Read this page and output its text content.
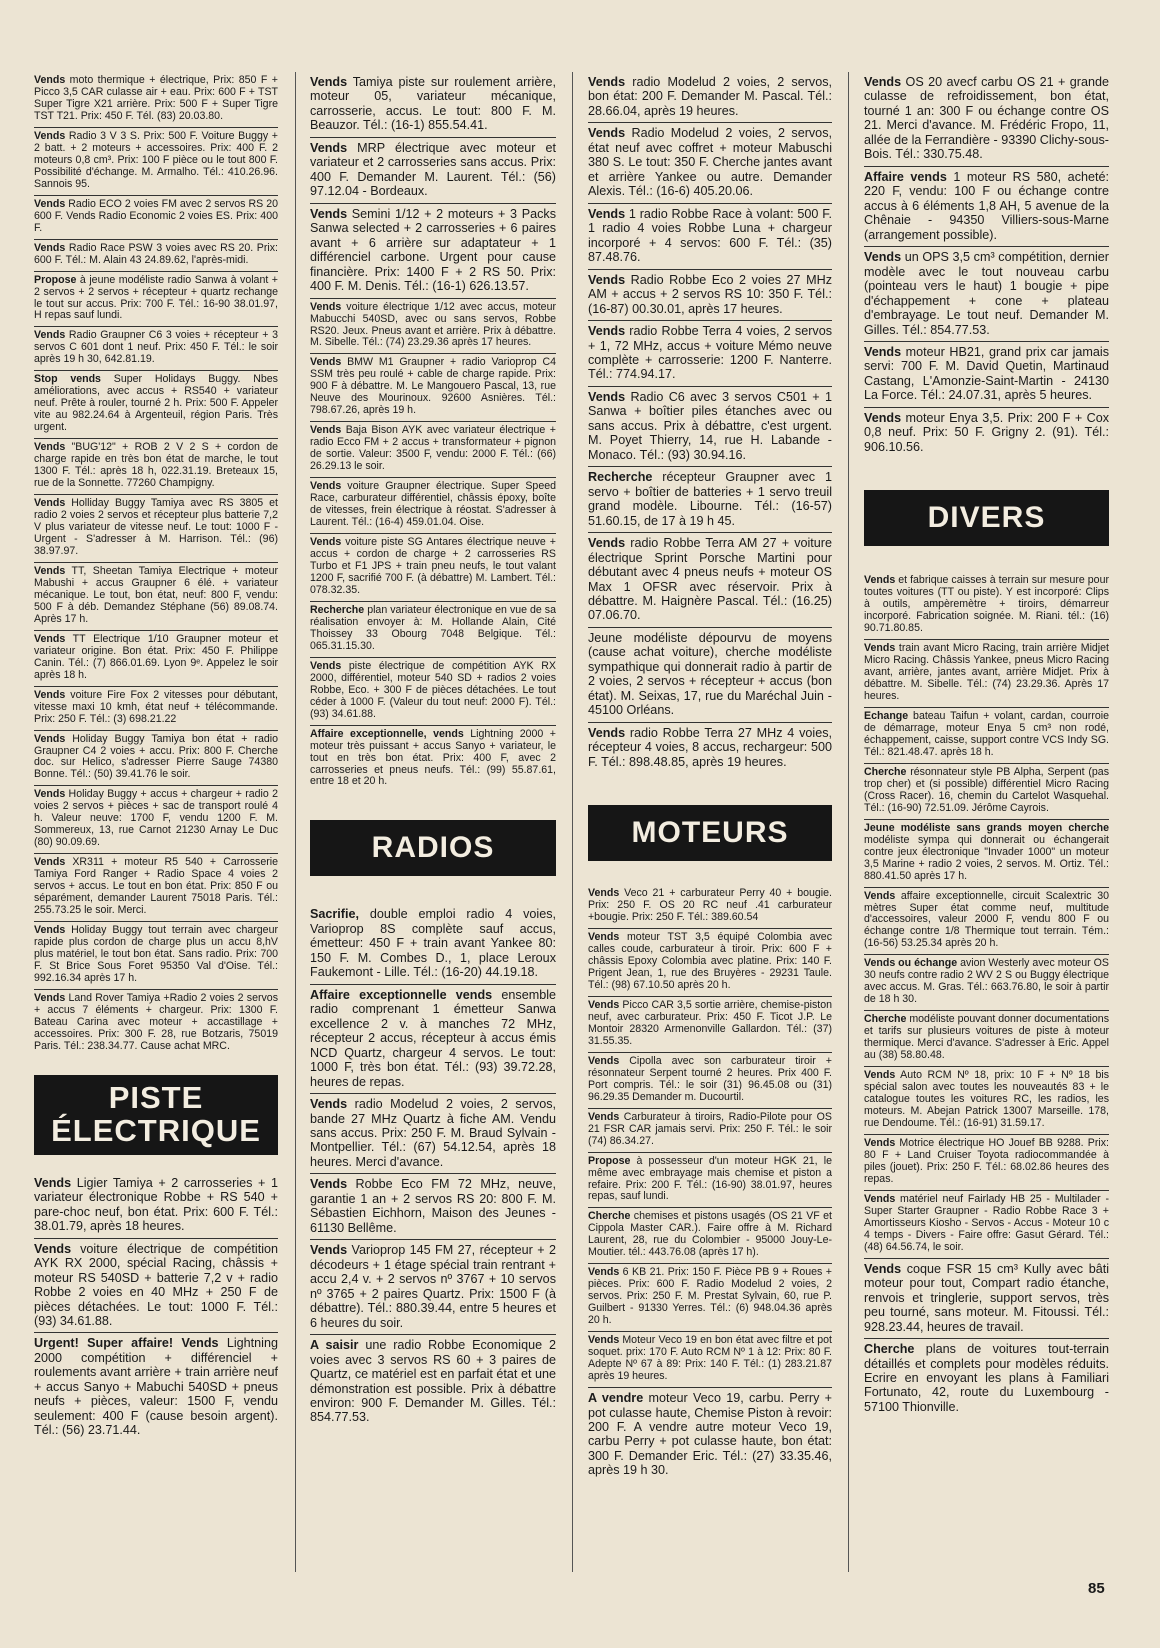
Vends moto thermique + électrique, Prix: 850 F + Picco 3,5 CAR culasse air + eau. Prix: 600 F + TST Super Tigre X21 arrière. Prix: 500 F + Super Tigre TST T21. Prix: 450 F. Tél. (83) 20.03.80.
Vends Radio 3 V 3 S. Prix: 500 F. Voiture Buggy + 2 batt. + 2 moteurs + accessoires. Prix: 400 F. 2 moteurs 0,8 cm³. Prix: 100 F pièce ou le tout 800 F. Possibilité d'échange. M. Armalho. Tél.: 410.26.96. Sannois 95.
Vends Radio ECO 2 voies FM avec 2 servos RS 20 600 F. Vends Radio Economic 2 voies ES. Prix: 400 F.
Vends Radio Race PSW 3 voies avec RS 20. Prix: 600 F. Tél.: M. Alain 43 24.89.62, l'après-midi.
Propose à jeune modéliste radio Sanwa à volant + 2 servos + 2 servos + récepteur + quartz rechange le tout sur accus. Prix: 700 F. Tél.: 16-90 38.01.97, H repas sauf lundi.
Vends Radio Graupner C6 3 voies + récepteur + 3 servos C 601 dont 1 neuf. Prix: 450 F. Tél.: le soir après 19 h 30, 642.81.19.
Stop vends Super Holidays Buggy. Nbes améliorations, avec accus + RS540 + variateur neuf. Prête à rouler, tourné 2 h. Prix: 500 F. Appeler vite au 982.24.64 à Argenteuil, région Paris. Très urgent.
Vends "BUG'12" + ROB 2 V 2 S + cordon de charge rapide en très bon état de marche, le tout 1300 F. Tél.: après 18 h, 022.31.19. Breteaux 15, rue de la Sonnette. 77260 Champigny.
Vends Holliday Buggy Tamiya avec RS 3805 et radio 2 voies 2 servos et récepteur plus batterie 7,2 V plus variateur de vitesse neuf. Le tout: 1000 F - Urgent - S'adresser à M. Harrison. Tél.: (96) 38.97.97.
Vends TT, Sheetan Tamiya Electrique + moteur Mabushi + accus Graupner 6 élé. + variateur mécanique. Le tout, bon état, neuf: 800 F, vendu: 500 F à déb. Demandez Stéphane (56) 89.08.74. Après 17 h.
Vends TT Electrique 1/10 Graupner moteur et variateur origine. Bon état. Prix: 450 F. Philippe Canin. Tél.: (7) 866.01.69. Lyon 9ᵉ. Appelez le soir après 18 h.
Vends voiture Fire Fox 2 vitesses pour débutant, vitesse maxi 10 kmh, état neuf + télécommande. Prix: 250 F. Tél.: (3) 698.21.22
Vends Holiday Buggy Tamiya bon état + radio Graupner C4 2 voies + accu. Prix: 800 F. Cherche doc. sur Helico, s'adresser Pierre Sauge 74380 Bonne. Tél.: (50) 39.41.76 le soir.
Vends Holiday Buggy + accus + chargeur + radio 2 voies 2 servos + pièces + sac de transport roulé 4 h. Valeur neuve: 1700 F, vendu 1200 F. M. Sommereux, 13, rue Carnot 21230 Arnay Le Duc (80) 90.09.69.
Vends XR311 + moteur R5 540 + Carrosserie Tamiya Ford Ranger + Radio Space 4 voies 2 servos + accus. Le tout en bon état. Prix: 850 F ou séparément, demander Laurent 75018 Paris. Tél.: 255.73.25 le soir. Merci.
Vends Holiday Buggy tout terrain avec chargeur rapide plus cordon de charge plus un accu 8,hV plus matériel, le tout bon état. Sans radio. Prix: 700 F. St Brice Sous Foret 95350 Val d'Oise. Tél.: 992.16.34 après 17 h.
Vends Land Rover Tamiya +Radio 2 voies 2 servos + accus 7 éléments + chargeur. Prix: 1300 F. Bateau Carina avec moteur + accastillage + accessoires. Prix: 300 F. 28, rue Botzaris, 75019 Paris. Tél.: 238.34.77. Cause achat MRC.
PISTE
ÉLECTRIQUE
Vends Ligier Tamiya + 2 carrosseries + 1 variateur électronique Robbe + RS 540 + pare-choc neuf, bon état. Prix: 600 F. Tél.: 38.01.79, après 18 heures.
Vends voiture électrique de compétition AYK RX 2000, spécial Racing, châssis + moteur RS 540SD + batterie 7,2 v + radio Robbe 2 voies en 40 MHz + 250 F de pièces détachées. Le tout: 1000 F. Tél.: (93) 34.61.88.
Urgent! Super affaire! Vends Lightning 2000 compétition + différenciel + roulements avant arrière + train arrière neuf + accus Sanyo + Mabuchi 540SD + pneus neufs + pièces, valeur: 1500 F, vendu seulement: 400 F (cause besoin argent). Tél.: (56) 23.71.44.
Vends Tamiya piste sur roulement arrière, moteur 05, variateur mécanique, carrosserie, accus. Le tout: 800 F. M. Beauzor. Tél.: (16-1) 855.54.41.
Vends MRP électrique avec moteur et variateur et 2 carrosseries sans accus. Prix: 400 F. Demander M. Laurent. Tél.: (56) 97.12.04 - Bordeaux.
Vends Semini 1/12 + 2 moteurs + 3 Packs Sanwa selected + 2 carrosseries + 6 paires avant + 6 arrière sur adaptateur + 1 différenciel carbone. Urgent pour cause financière. Prix: 1400 F + 2 RS 50. Prix: 400 F. M. Denis. Tél.: (16-1) 626.13.57.
Vends voiture électrique 1/12 avec accus, moteur Mabucchi 540SD, avec ou sans servos, Robbe RS20. Jeux. Pneus avant et arrière. Prix à débattre. M. Sibelle. Tél.: (74) 23.29.36 après 17 heures.
Vends BMW M1 Graupner + radio Varioprop C4 SSM très peu roulé + cable de charge rapide. Prix: 900 F à débattre. M. Le Mangouero Pascal, 13, rue Neuve des Mourinoux. 92600 Asnières. Tél.: 798.67.26, après 19 h.
Vends Baja Bison AYK avec variateur électrique + radio Ecco FM + 2 accus + transformateur + pignon de sortie. Valeur: 3500 F, vendu: 2000 F. Tél.: (66) 26.29.13 le soir.
Vends voiture Graupner électrique. Super Speed Race, carburateur différentiel, châssis époxy, boîte de vitesses, frein électrique à réostat. S'adresser à Laurent. Tél.: (16-4) 459.01.04. Oise.
Vends voiture piste SG Antares électrique neuve + accus + cordon de charge + 2 carrosseries RS Turbo et F1 JPS + train pneu neufs, le tout valant 1200 F, sacrifié 700 F. (à débattre) M. Lambert. Tél.: 078.32.35.
Recherche plan variateur électronique en vue de sa réalisation envoyer à: M. Hollande Alain, Cité Thoissey 33 Obourg 7048 Belgique. Tél.: 065.31.15.30.
Vends piste électrique de compétition AYK RX 2000, différentiel, moteur 540 SD + radios 2 voies Robbe, Eco. + 300 F de pièces détachées. Le tout céder à 1000 F. (Valeur du tout neuf: 2000 F). Tél.: (93) 34.61.88.
Affaire exceptionnelle, vends Lightning 2000 + moteur très puissant + accus Sanyo + variateur, le tout en très bon état. Prix: 400 F, avec 2 carrosseries et pneus neufs. Tél.: (99) 55.87.61, entre 18 et 20 h.
RADIOS
Sacrifie, double emploi radio 4 voies, Varioprop 8S complète sauf accus, émetteur: 450 F + train avant Yankee 80: 150 F. M. Combes D., 1, place Leroux Faukemont - Lille. Tél.: (16-20) 44.19.18.
Affaire exceptionnelle vends ensemble radio comprenant 1 émetteur Sanwa excellence 2 v. à manches 72 MHz, récepteur 2 accus, récepteur à accus émis NCD Quartz, chargeur 4 servos. Le tout: 1000 F, très bon état. Tél.: (93) 39.72.28, heures de repas.
Vends radio Modelud 2 voies, 2 servos, bande 27 MHz Quartz à fiche AM. Vendu sans accus. Prix: 250 F. M. Braud Sylvain - Montpellier. Tél.: (67) 54.12.54, après 18 heures. Merci d'avance.
Vends Robbe Eco FM 72 MHz, neuve, garantie 1 an + 2 servos RS 20: 800 F. M. Sébastien Eichhorn, Maison des Jeunes - 61130 Bellême.
Vends Varioprop 145 FM 27, récepteur + 2 décodeurs + 1 étage spécial train rentrant + accu 2,4 v. + 2 servos nº 3767 + 10 servos nº 3765 + 2 paires Quartz. Prix: 1500 F (à débattre). Tél.: 880.39.44, entre 5 heures et 6 heures du soir.
A saisir une radio Robbe Economique 2 voies avec 3 servos RS 60 + 3 paires de Quartz, ce matériel est en parfait état et une démonstration est possible. Prix à débattre environ: 900 F. Demander M. Gilles. Tél.: 854.77.53.
Vends radio Modelud 2 voies, 2 servos, bon état: 200 F. Demander M. Pascal. Tél.: 28.66.04, après 19 heures.
Vends Radio Modelud 2 voies, 2 servos, état neuf avec coffret + moteur Mabuschi 380 S. Le tout: 350 F. Cherche jantes avant et arrière Yankee ou autre. Demander Alexis. Tél.: (16-6) 405.20.06.
Vends 1 radio Robbe Race à volant: 500 F. 1 radio 4 voies Robbe Luna + chargeur incorporé + 4 servos: 600 F. Tél.: (35) 87.48.76.
Vends Radio Robbe Eco 2 voies 27 MHz AM + accus + 2 servos RS 10: 350 F. Tél.: (16-87) 00.30.01, après 17 heures.
Vends radio Robbe Terra 4 voies, 2 servos + 1, 72 MHz, accus + voiture Mémo neuve complète + carrosserie: 1200 F. Nanterre. Tél.: 774.94.17.
Vends Radio C6 avec 3 servos C501 + 1 Sanwa + boîtier piles étanches avec ou sans accus. Prix à débattre, c'est urgent. M. Poyet Thierry, 14, rue H. Labande - Monaco. Tél.: (93) 30.94.16.
Recherche récepteur Graupner avec 1 servo + boîtier de batteries + 1 servo treuil grand modèle. Libourne. Tél.: (16-57) 51.60.15, de 17 à 19 h 45.
Vends radio Robbe Terra AM 27 + voiture électrique Sprint Porsche Martini pour débutant avec 4 pneus neufs + moteur OS Max 1 OFSR avec réservoir. Prix à débattre. M. Haignère Pascal. Tél.: (16.25) 07.06.70.
Jeune modéliste dépourvu de moyens (cause achat voiture), cherche modéliste sympathique qui donnerait radio à partir de 2 voies, 2 servos + récepteur + accus (bon état). M. Seixas, 17, rue du Maréchal Juin - 45100 Orléans.
Vends radio Robbe Terra 27 MHz 4 voies, récepteur 4 voies, 8 accus, rechargeur: 500 F. Tél.: 898.48.85, après 19 heures.
MOTEURS
Vends Veco 21 + carburateur Perry 40 + bougie. Prix: 250 F. OS 20 RC neuf .41 carburateur +bougie. Prix: 250 F. Tél.: 389.60.54
Vends moteur TST 3,5 équipé Colombia avec calles coude, carburateur à tiroir. Prix: 600 F + châssis Epoxy Colombia avec platine. Prix: 140 F. Prigent Jean, 1, rue des Bruyères - 29231 Taule. Tél.: (98) 67.10.50 après 20 h.
Vends Picco CAR 3,5 sortie arrière, chemise-piston neuf, avec carburateur. Prix: 450 F. Ticot J.P. Le Montoir 28320 Armenonville Gallardon. Tél.: (37) 31.55.35.
Vends Cipolla avec son carburateur tiroir + résonnateur Serpent tourné 2 heures. Prix 400 F. Port compris. Tél.: le soir (31) 96.45.08 ou (31) 96.29.35 Demander m. Ducourtil.
Vends Carburateur à tiroirs, Radio-Pilote pour OS 21 FSR CAR jamais servi. Prix: 250 F. Tél.: le soir (74) 86.34.27.
Propose à possesseur d'un moteur HGK 21, le même avec embrayage mais chemise et piston a refaire. Prix: 200 F. Tél.: (16-90) 38.01.97, heures repas, sauf lundi.
Cherche chemises et pistons usagés (OS 21 VF et Cippola Master CAR.). Faire offre à M. Richard Laurent, 28, rue du Colombier - 95000 Jouy-Le-Moutier. tél.: 443.76.08 (après 17 h).
Vends 6 KB 21. Prix: 150 F. Pièce PB 9 + Roues + pièces. Prix: 600 F. Radio Modelud 2 voies, 2 servos. Prix: 250 F. M. Prestat Sylvain, 60, rue P. Guilbert - 91330 Yerres. Tél.: (6) 948.04.36 après 20 h.
Vends Moteur Veco 19 en bon état avec filtre et pot soquet. prix: 170 F. Auto RCM Nº 1 à 12: Prix: 80 F. Adepte Nº 67 à 89: Prix: 140 F. Tél.: (1) 283.21.87 après 19 heures.
A vendre moteur Veco 19, carbu. Perry + pot culasse haute, Chemise Piston à revoir: 200 F. A vendre autre moteur Veco 19, carbu Perry + pot culasse haute, bon état: 300 F. Demander Eric. Tél.: (27) 33.35.46, après 19 h 30.
Vends OS 20 avecf carbu OS 21 + grande culasse de refroidissement, bon état, tourné 1 an: 300 F ou échange contre OS 21. Merci d'avance. M. Frédéric Fropo, 11, allée de la Ferrandière - 93390 Clichy-sous-Bois. Tél.: 330.75.48.
Affaire vends 1 moteur RS 580, acheté: 220 F, vendu: 100 F ou échange contre accus à 6 éléments 1,8 AH, 5 avenue de la Chênaie - 94350 Villiers-sous-Marne (arrangement possible).
Vends un OPS 3,5 cm³ compétition, dernier modèle avec le tout nouveau carbu (pointeau vers le haut) 1 bougie + pipe d'échappement + cone + plateau d'embrayage. Le tout neuf. Demander M. Gilles. Tél.: 854.77.53.
Vends moteur HB21, grand prix car jamais servi: 700 F. M. David Quetin, Martinaud Castang, L'Amonzie-Saint-Martin - 24130 La Force. Tél.: 24.07.31, après 5 heures.
Vends moteur Enya 3,5. Prix: 200 F + Cox 0,8 neuf. Prix: 50 F. Grigny 2. (91). Tél.: 906.10.56.
DIVERS
Vends et fabrique caisses à terrain sur mesure pour toutes voitures (TT ou piste). Y est incorporé: Clips à outils, ampèremètre + tiroirs, démarreur incorporé. Fabrication soignée. M. Riani. tél.: (16) 90.71.80.85.
Vends train avant Micro Racing, train arrière Midjet Micro Racing. Châssis Yankee, pneus Micro Racing avant, arrière, jantes avant, arrière Midjet. Prix à débattre. M. Sibelle. Tél.: (74) 23.29.36. Après 17 heures.
Echange bateau Taifun + volant, cardan, courroie de démarrage, moteur Enya 5 cm³ non rodé, échappement, caisse, support contre VCS Indy SG. Tél.: 821.48.47. après 18 h.
Cherche résonnateur style PB Alpha, Serpent (pas trop cher) et (si possible) différentiel Micro Racing (Cross Racer). 16, chemin du Cartelot Wasquehal. Tél.: (16-90) 72.51.09. Jérôme Cayrois.
Jeune modéliste sans grands moyen cherche modéliste sympa qui donnerait ou échangerait contre jeux électronique "Invader 1000" un moteur 3,5 Marine + radio 2 voies, 2 servos. M. Ortiz. Tél.: 880.41.50 après 17 h.
Vends affaire exceptionnelle, circuit Scalextric 30 mètres Super état comme neuf, multitude d'accessoires, valeur 2000 F, vendu 800 F ou échange contre 1/8 Thermique tout terrain. Tém.: (16-56) 53.25.34 après 20 h.
Vends ou échange avion Westerly avec moteur OS 30 neufs contre radio 2 WV 2 S ou Buggy électrique avec accus. M. Gras. Tél.: 663.76.80, le soir à partir de 18 h 30.
Cherche modéliste pouvant donner documentations et tarifs sur plusieurs voitures de piste à moteur thermique. Merci d'avance. S'adresser à Eric. Appel au (38) 58.80.48.
Vends Auto RCM Nº 18, prix: 10 F + Nº 18 bis spécial salon avec toutes les nouveautés 83 + le catalogue toutes les voitures RC, les radios, les moteurs. M. Abejan Patrick 13007 Marseille. 178, rue Dendoume. Tél.: (16-91) 31.59.17.
Vends Motrice électrique HO Jouef BB 9288. Prix: 80 F + Land Cruiser Toyota radiocommandée à piles (jouet). Prix: 250 F. Tél.: 68.02.86 heures des repas.
Vends matériel neuf Fairlady HB 25 - Multilader - Super Starter Graupner - Radio Robbe Race 3 + Amortisseurs Kiosho - Servos - Accus - Moteur 10 c 4 temps - Divers - Faire offre: Gasut Gérard. Tél.: (48) 64.56.74, le soir.
Vends coque FSR 15 cm³ Kully avec bâti moteur pour tout, Compart radio étanche, renvois et tringlerie, support servos, très peu tourné, sans moteur. M. Fitoussi. Tél.: 928.23.44, heures de travail.
Cherche plans de voitures tout-terrain détaillés et complets pour modèles réduits. Ecrire en envoyant les plans à Familiari Fortunato, 42, route du Luxembourg - 57100 Thionville.
85
